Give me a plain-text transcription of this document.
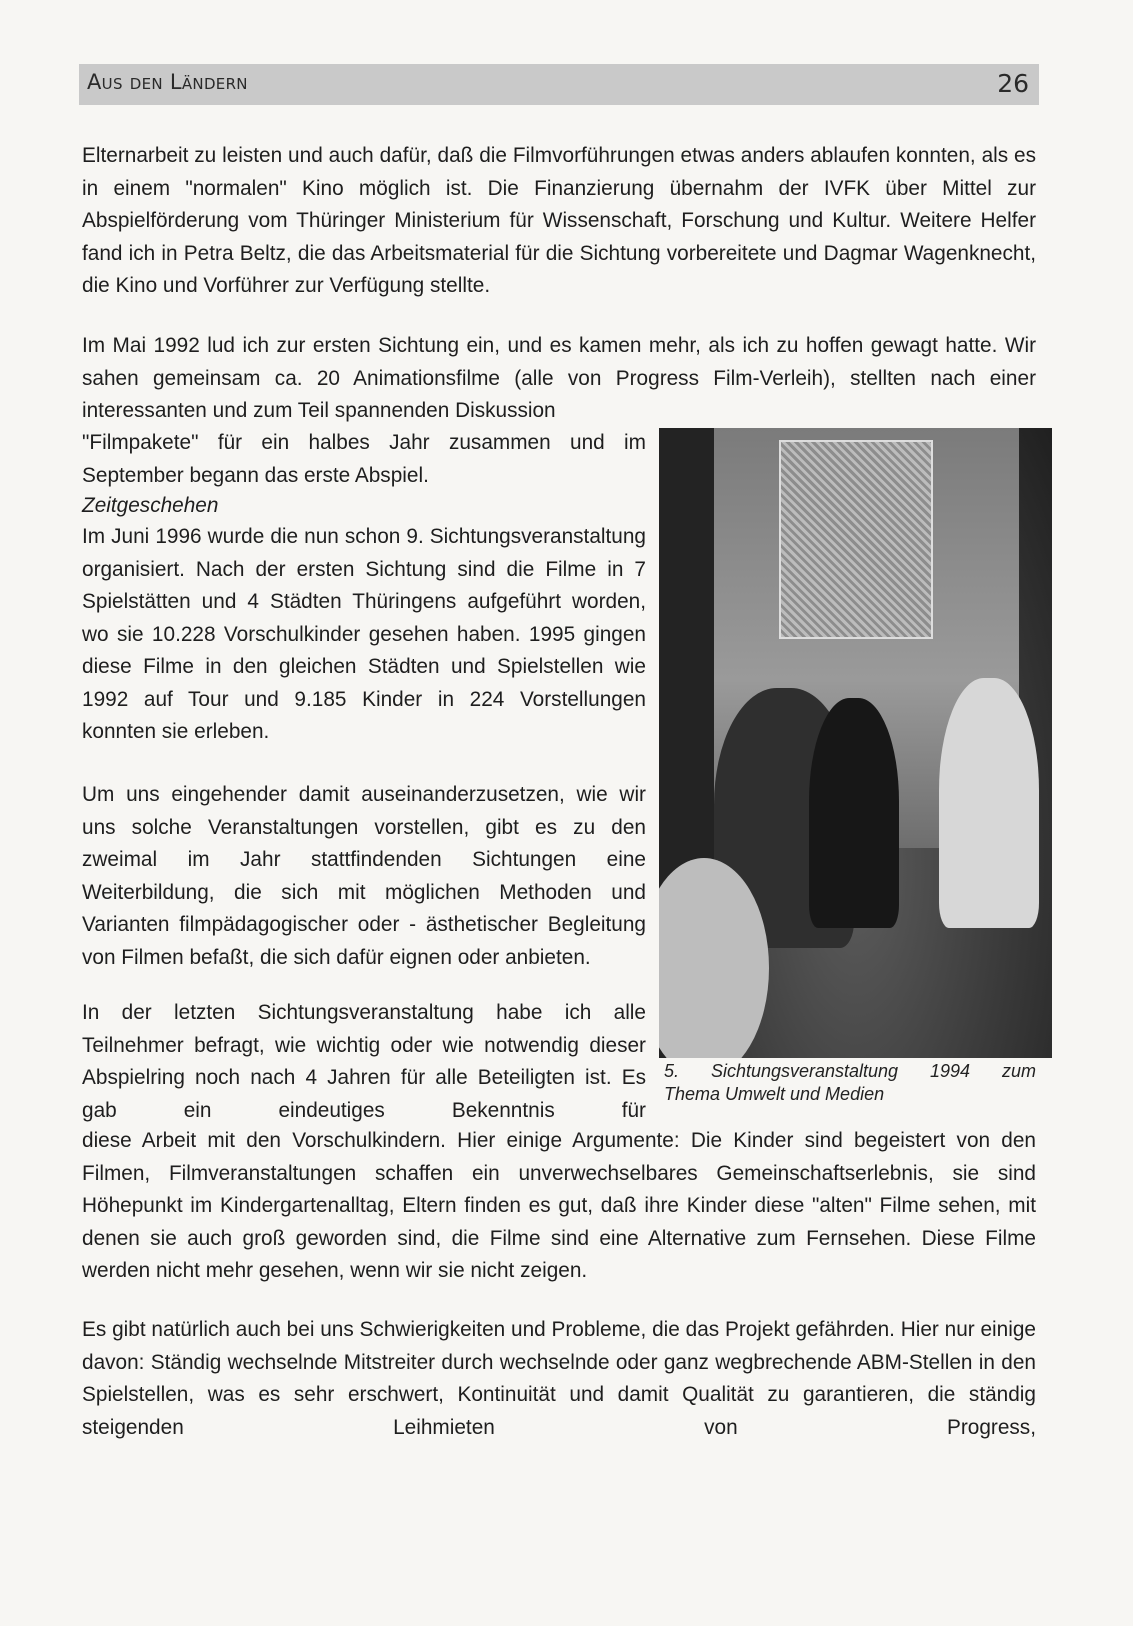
Aus den Ländern	26

Elternarbeit zu leisten und auch dafür, daß die Filmvorführungen etwas anders ablaufen konnten, als es in einem "normalen" Kino möglich ist. Die Finanzierung übernahm der IVFK über Mittel zur Abspielförderung vom Thüringer Ministerium für Wissenschaft, Forschung und Kultur. Weitere Helfer fand ich in Petra Beltz, die das Arbeitsmaterial für die Sichtung vorbereitete und Dagmar Wagenknecht, die Kino und Vorführer zur Verfügung stellte.

Im Mai 1992 lud ich zur ersten Sichtung ein, und es kamen mehr, als ich zu hoffen gewagt hatte. Wir sahen gemeinsam ca. 20 Animationsfilme (alle von Progress Film-Verleih), stellten nach einer interessanten und zum Teil spannenden Diskussion

"Filmpakete" für ein halbes Jahr zusammen und im September begann das erste Abspiel.

Zeitgeschehen

Im Juni 1996 wurde die nun schon 9. Sichtungsveranstaltung organisiert. Nach der ersten Sichtung sind die Filme in 7 Spielstätten und 4 Städten Thüringens aufgeführt worden, wo sie 10.228 Vorschulkinder gesehen haben. 1995 gingen diese Filme in den gleichen Städten und Spielstellen wie 1992 auf Tour und 9.185 Kinder in 224 Vorstellungen konnten sie erleben.

Um uns eingehender damit auseinanderzusetzen, wie wir uns solche Veranstaltungen vorstellen, gibt es zu den zweimal im Jahr stattfindenden Sichtungen eine Weiterbildung, die sich mit möglichen Methoden und Varianten filmpädagogischer oder - ästhetischer Begleitung von Filmen befaßt, die sich dafür eignen oder anbieten.

In der letzten Sichtungsveranstaltung habe ich alle Teilnehmer befragt, wie wichtig oder wie notwendig dieser Abspielring noch nach 4 Jahren für alle Beteiligten ist. Es gab ein eindeutiges Bekenntnis für

diese Arbeit mit den Vorschulkindern. Hier einige Argumente: Die Kinder sind begeistert von den Filmen, Filmveranstaltungen schaffen ein unverwechselbares Gemeinschaftserlebnis, sie sind Höhepunkt im Kindergartenalltag, Eltern finden es gut, daß ihre Kinder diese "alten" Filme sehen, mit denen sie auch groß geworden sind, die Filme sind eine Alternative zum Fernsehen. Diese Filme werden nicht mehr gesehen, wenn wir sie nicht zeigen.

Es gibt natürlich auch bei uns Schwierigkeiten und Probleme, die das Projekt gefährden. Hier nur einige davon: Ständig wechselnde Mitstreiter durch wechselnde oder ganz wegbrechende ABM-Stellen in den Spielstellen, was es sehr erschwert, Kontinuität und damit Qualität zu garantieren, die ständig steigenden Leihmieten von Progress,

5. Sichtungsveranstaltung 1994 zum
Thema Umwelt und Medien
